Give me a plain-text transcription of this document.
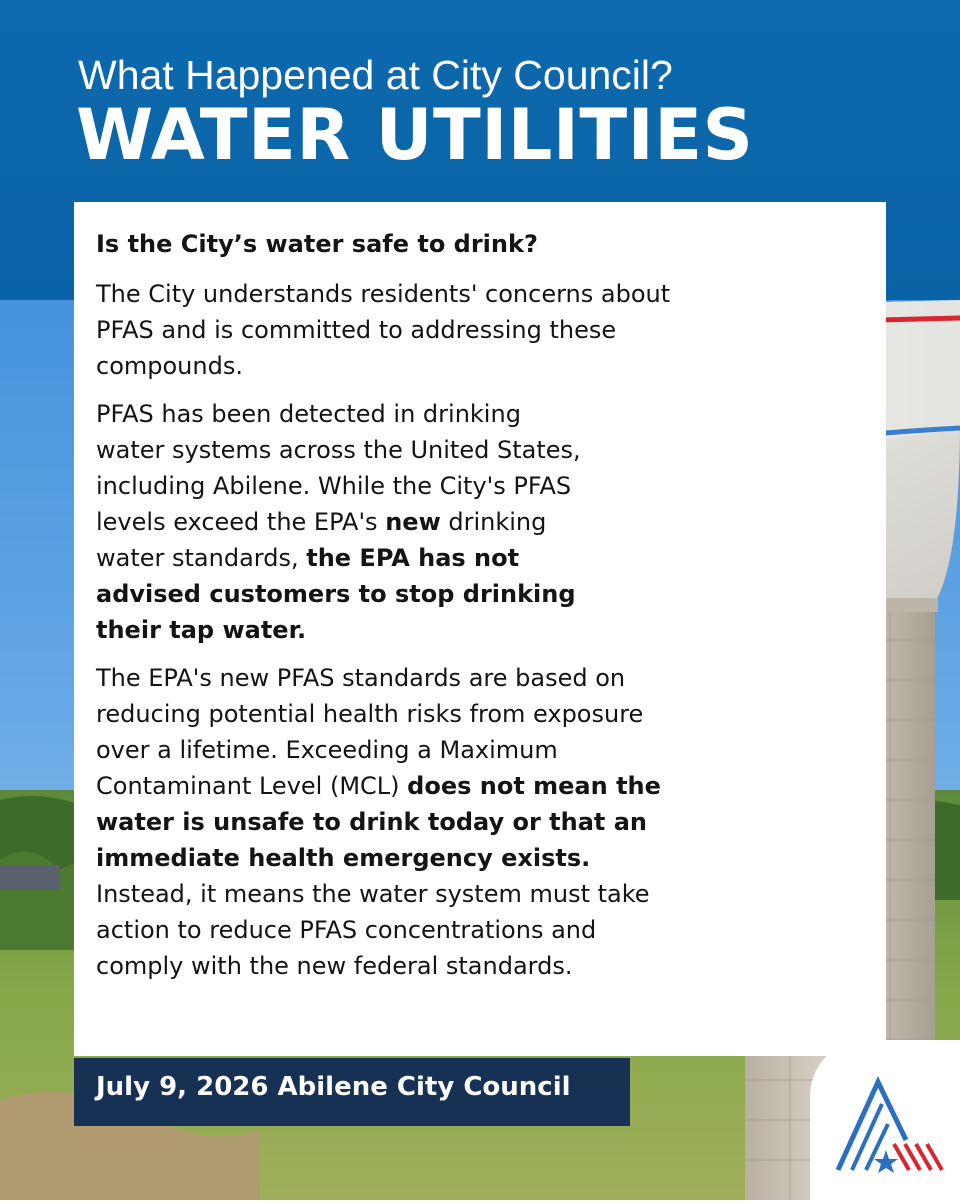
What Happened at City Council?
WATER UTILITIES

Is the City’s water safe to drink?

The City understands residents' concerns about PFAS and is committed to addressing these compounds.

PFAS has been detected in drinking
water systems across the United States,
including Abilene. While the City's PFAS
levels exceed the EPA's new drinking
water standards, the EPA has not
advised customers to stop drinking
their tap water.

The EPA's new PFAS standards are based on
reducing potential health risks from exposure
over a lifetime. Exceeding a Maximum
Contaminant Level (MCL) does not mean the
water is unsafe to drink today or that an
immediate health emergency exists.
Instead, it means the water system must take
action to reduce PFAS concentrations and
comply with the new federal standards.

July 9, 2026 Abilene City Council
